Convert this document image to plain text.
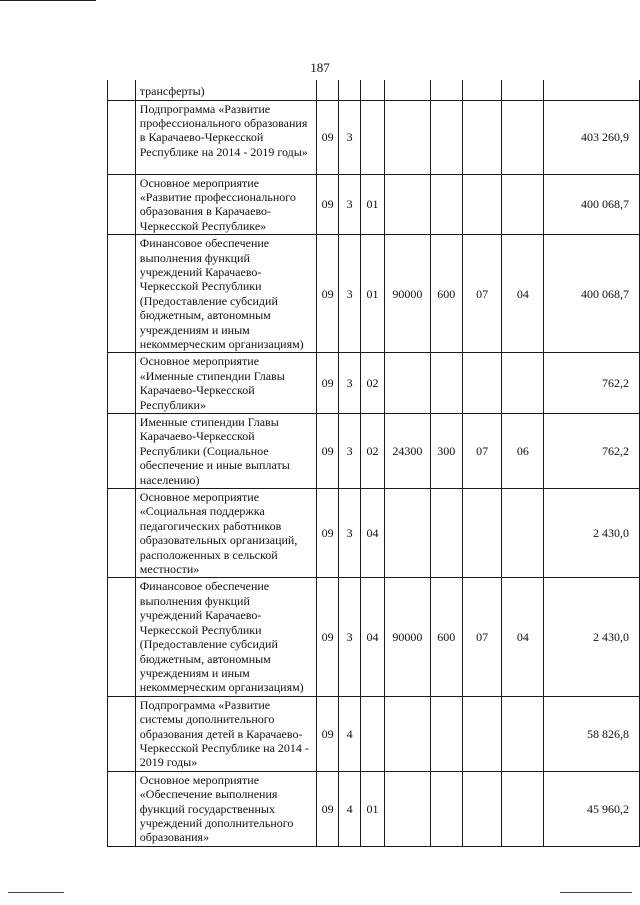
187
	трансферты)								
	Подпрограмма «Развитие профессионального образования в Карачаево-Черкесской Республике на 2014 - 2019 годы»	09	3						403 260,9
	Основное мероприятие «Развитие профессионального образования в Карачаево-Черкесской Республике»	09	3	01					400 068,7
	Финансовое обеспечение выполнения функций учреждений Карачаево-Черкесской Республики (Предоставление субсидий бюджетным, автономным учреждениям и иным некоммерческим организациям)	09	3	01	90000	600	07	04	400 068,7
	Основное мероприятие «Именные стипендии Главы Карачаево-Черкесской Республики»	09	3	02					762,2
	Именные стипендии Главы Карачаево-Черкесской Республики (Социальное обеспечение и иные выплаты населению)	09	3	02	24300	300	07	06	762,2
	Основное мероприятие «Социальная поддержка педагогических работников образовательных организаций, расположенных в сельской местности»	09	3	04					2 430,0
	Финансовое обеспечение выполнения функций учреждений Карачаево-Черкесской Республики (Предоставление субсидий бюджетным, автономным учреждениям и иным некоммерческим организациям)	09	3	04	90000	600	07	04	2 430,0
	Подпрограмма «Развитие системы дополнительного образования детей в Карачаево-Черкесской Республике на 2014 - 2019 годы»	09	4						58 826,8
	Основное мероприятие «Обеспечение выполнения функций государственных учреждений дополнительного образования»	09	4	01					45 960,2
